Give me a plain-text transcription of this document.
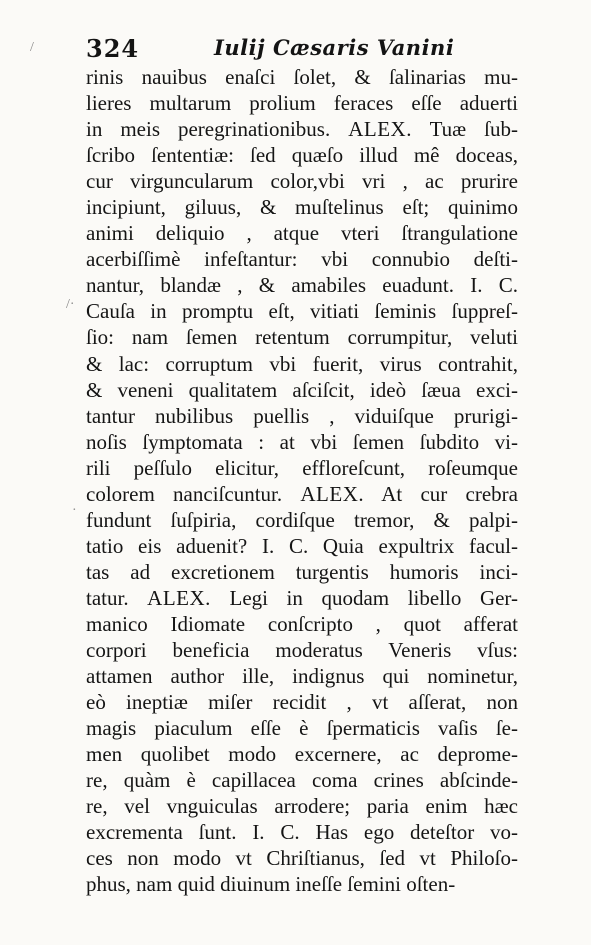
324	Iulij Cæsaris Vanini
/
/·
·
rinis nauibus enaſci ſolet, & ſalinarias mu-
lieres multarum prolium feraces eſſe aduerti
in meis peregrinationibus. ALEX. Tuæ ſub-
ſcribo ſententiæ: ſed quæſo illud mê doceas,
cur virguncularum color,vbi vri , ac prurire
incipiunt, giluus, & muſtelinus eſt; quinimo
animi deliquio , atque vteri ſtrangulatione
acerbiſſimè infeſtantur: vbi connubio deſti-
nantur, blandæ , & amabiles euadunt. I. C.
Cauſa in promptu eſt, vitiati ſeminis ſuppreſ-
ſio: nam ſemen retentum corrumpitur, veluti
& lac: corruptum vbi fuerit, virus contrahit,
& veneni qualitatem aſciſcit, ideò ſæua exci-
tantur nubilibus puellis , viduiſque prurigi-
noſis ſymptomata : at vbi ſemen ſubdito vi-
rili peſſulo elicitur, effloreſcunt, roſeumque
colorem nanciſcuntur. ALEX. At cur crebra
fundunt ſuſpiria, cordiſque tremor, & palpi-
tatio eis aduenit? I. C. Quia expultrix facul-
tas ad excretionem turgentis humoris inci-
tatur. ALEX. Legi in quodam libello Ger-
manico Idiomate conſcripto , quot afferat
corpori beneficia moderatus Veneris vſus:
attamen author ille, indignus qui nominetur,
eò ineptiæ miſer recidit , vt aſſerat, non
magis piaculum eſſe è ſpermaticis vaſis ſe-
men quolibet modo excernere, ac deprome-
re, quàm è capillacea coma crines abſcinde-
re, vel vnguiculas arrodere; paria enim hæc
excrementa ſunt. I. C. Has ego deteſtor vo-
ces non modo vt Chriſtianus, ſed vt Philoſo-
phus, nam quid diuinum ineſſe ſemini oſten-
